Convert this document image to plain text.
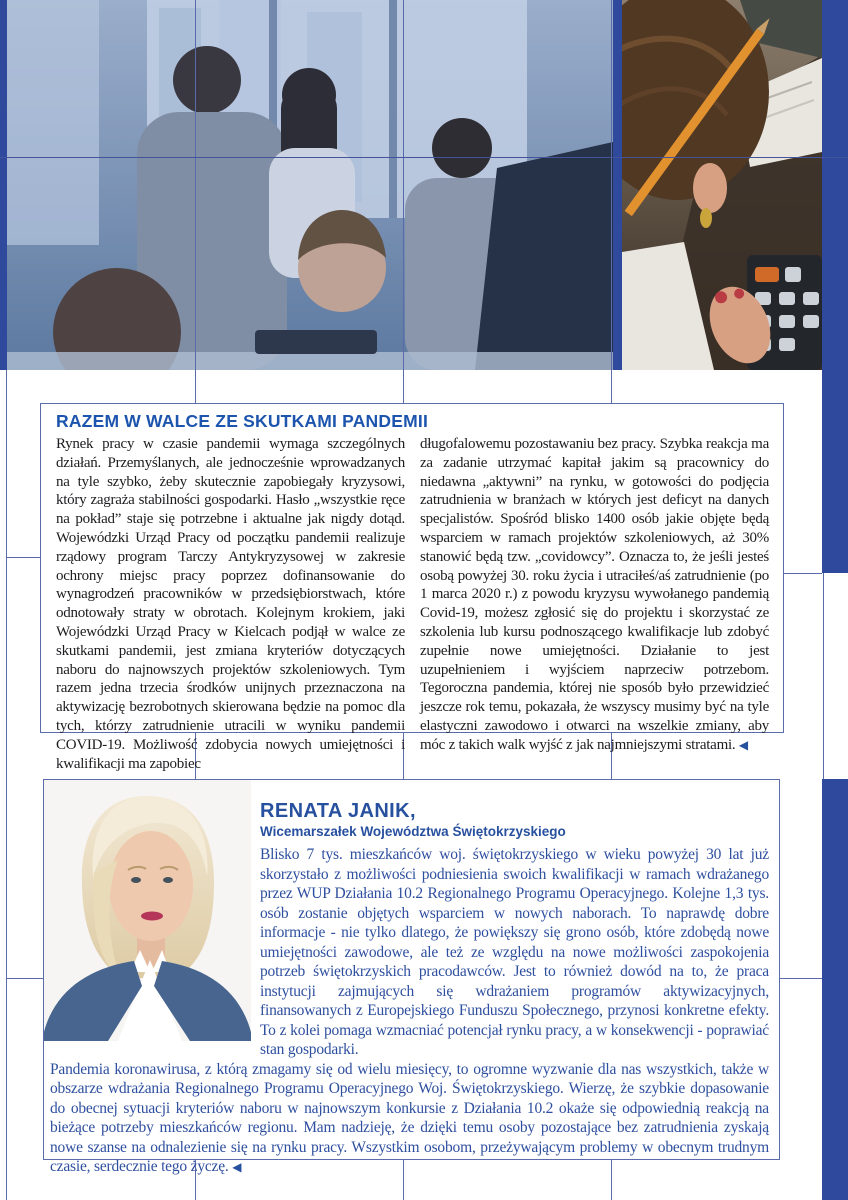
RAZEM W WALCE ZE SKUTKAMI PANDEMII

Rynek pracy w czasie pandemii wymaga szczególnych działań. Przemyślanych, ale jednocześnie wprowadzanych na tyle szybko, żeby skutecznie zapobiegały kryzysowi, który zagraża stabilności gospodarki. Hasło „wszystkie ręce na pokład” staje się potrzebne i aktualne jak nigdy dotąd. Wojewódzki Urząd Pracy od początku pandemii realizuje rządowy program Tarczy Antykryzysowej w zakresie ochrony miejsc pracy poprzez dofinansowanie do wynagrodzeń pracowników w przedsiębiorstwach, które odnotowały straty w obrotach. Kolejnym krokiem, jaki Wojewódzki Urząd Pracy w Kielcach podjął w walce ze skutkami pandemii, jest zmiana kryteriów dotyczących naboru do najnowszych projektów szkoleniowych. Tym razem jedna trzecia środków unijnych przeznaczona na aktywizację bezrobotnych skierowana będzie na pomoc dla tych, którzy zatrudnienie utracili w wyniku pandemii COVID-19. Możliwość zdobycia nowych umiejętności i kwalifikacji ma zapobiec

długofalowemu pozostawaniu bez pracy. Szybka reakcja ma za zadanie utrzymać kapitał jakim są pracownicy do niedawna „aktywni” na rynku, w gotowości do podjęcia zatrudnienia w branżach w których jest deficyt na danych specjalistów. Spośród blisko 1400 osób jakie objęte będą wsparciem w ramach projektów szkoleniowych, aż 30% stanowić będą tzw. „covidowcy”. Oznacza to, że jeśli jesteś osobą powyżej 30. roku życia i utraciłeś/aś zatrudnienie (po 1 marca 2020 r.) z powodu kryzysu wywołanego pandemią Covid-19, możesz zgłosić się do projektu i skorzystać ze szkolenia lub kursu podnoszącego kwalifikacje lub zdobyć zupełnie nowe umiejętności. Działanie to jest uzupełnieniem i wyjściem naprzeciw potrzebom. Tegoroczna pandemia, której nie sposób było przewidzieć jeszcze rok temu, pokazała, że wszyscy musimy być na tyle elastyczni zawodowo i otwarci na wszelkie zmiany, aby móc z takich walk wyjść z jak najmniejszymi stratami. ◀

RENATA JANIK,
Wicemarszałek Województwa Świętokrzyskiego

Blisko 7 tys. mieszkańców woj. świętokrzyskiego w wieku powyżej 30 lat już skorzystało z możliwości podniesienia swoich kwalifikacji w ramach wdrażanego przez WUP Działania 10.2 Regionalnego Programu Operacyjnego. Kolejne 1,3 tys. osób zostanie objętych wsparciem w nowych naborach. To naprawdę dobre informacje - nie tylko dlatego, że powiększy się grono osób, które zdobędą nowe umiejętności zawodowe, ale też ze względu na nowe możliwości zaspokojenia potrzeb świętokrzyskich pracodawców. Jest to również dowód na to, że praca instytucji zajmujących się wdrażaniem programów aktywizacyjnych, finansowanych z Europejskiego Funduszu Społecznego, przynosi konkretne efekty. To z kolei pomaga wzmacniać potencjał rynku pracy, a w konsekwencji - poprawiać stan gospodarki.

Pandemia koronawirusa, z którą zmagamy się od wielu miesięcy, to ogromne wyzwanie dla nas wszystkich, także w obszarze wdrażania Regionalnego Programu Operacyjnego Woj. Świętokrzyskiego. Wierzę, że szybkie dopasowanie do obecnej sytuacji kryteriów naboru w najnowszym konkursie z Działania 10.2 okaże się odpowiednią reakcją na bieżące potrzeby mieszkańców regionu. Mam nadzieję, że dzięki temu osoby pozostające bez zatrudnienia zyskają nowe szanse na odnalezienie się na rynku pracy. Wszystkim osobom, przeżywającym problemy w obecnym trudnym czasie, serdecznie tego życzę. ◀
